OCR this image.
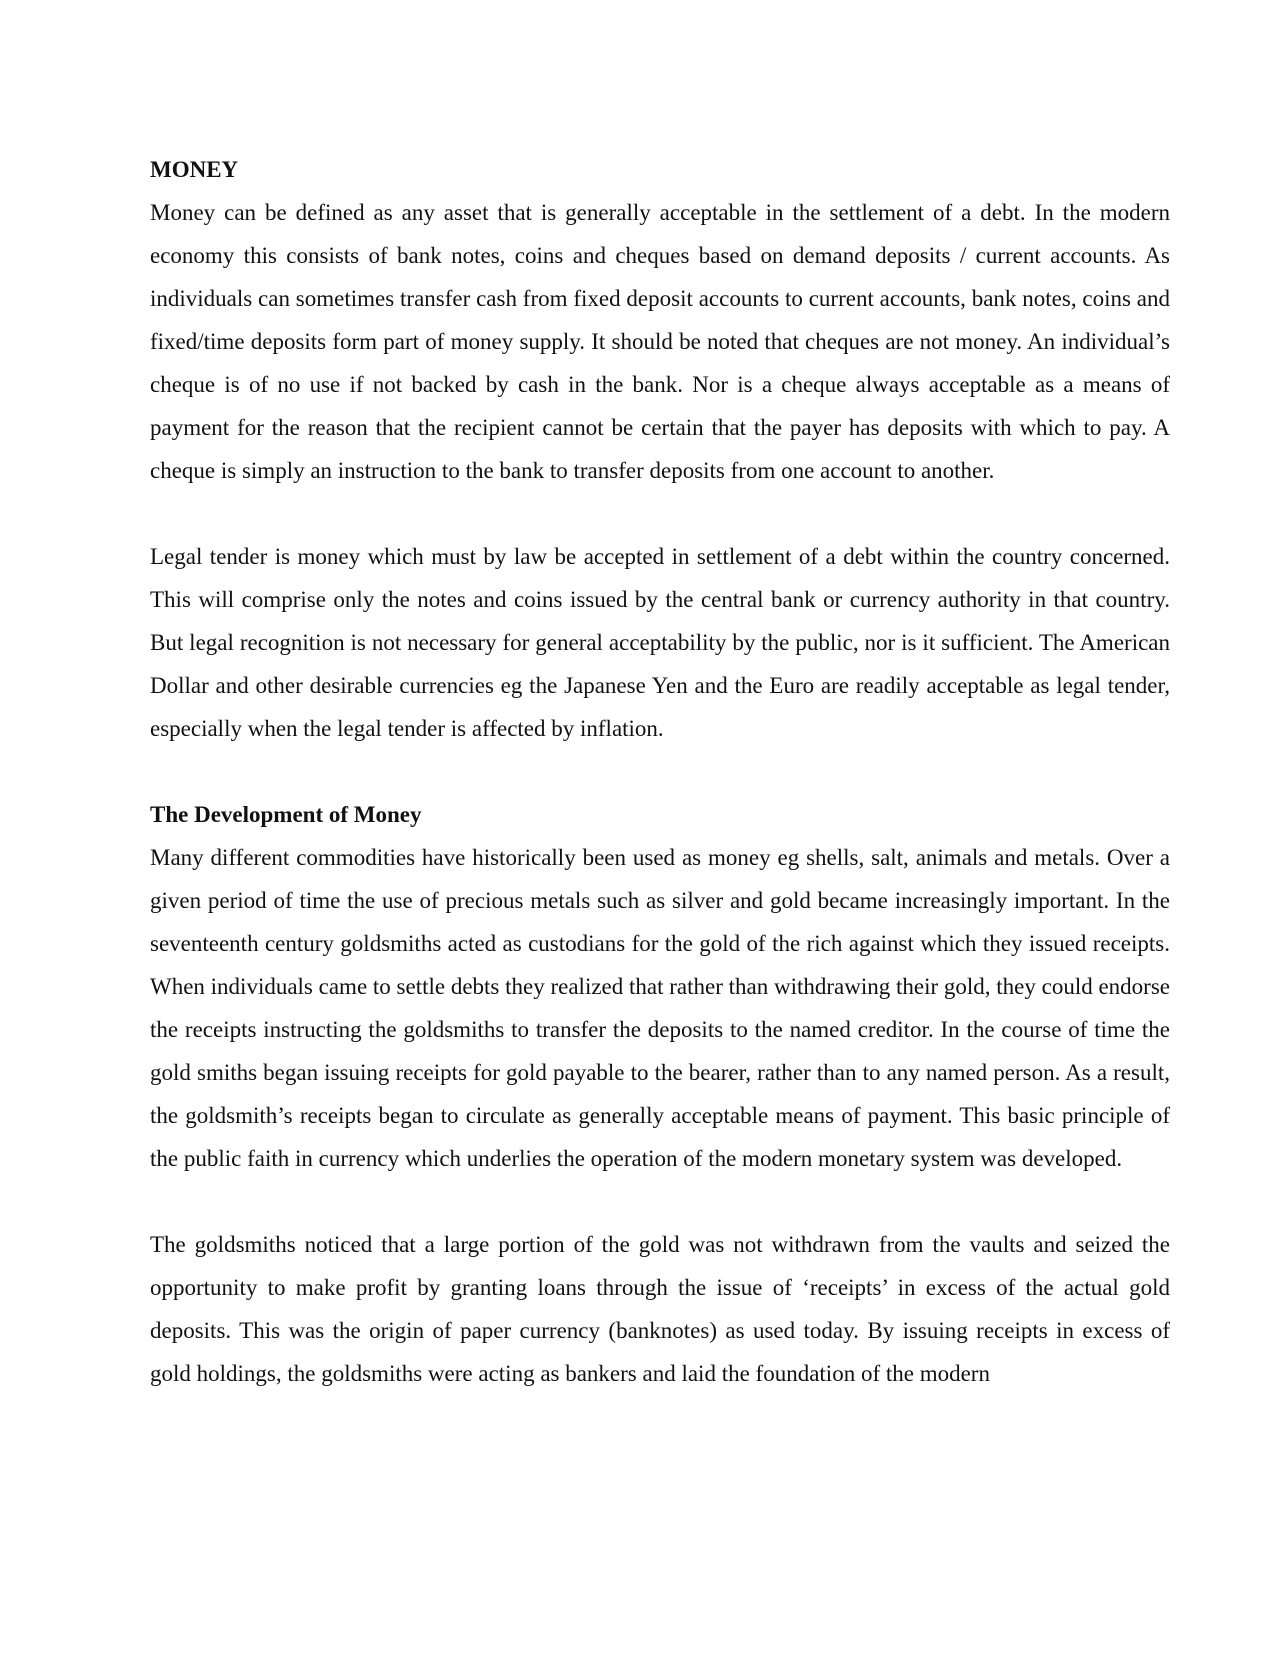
MONEY

Money can be defined as any asset that is generally acceptable in the settlement of a debt. In the modern economy this consists of bank notes, coins and cheques based on demand deposits / current accounts. As individuals can sometimes transfer cash from fixed deposit accounts to current accounts, bank notes, coins and fixed/time deposits form part of money supply. It should be noted that cheques are not money. An individual’s cheque is of no use if not backed by cash in the bank. Nor is a cheque always acceptable as a means of payment for the reason that the recipient cannot be certain that the payer has deposits with which to pay. A cheque is simply an instruction to the bank to transfer deposits from one account to another.

Legal tender is money which must by law be accepted in settlement of a debt within the country concerned. This will comprise only the notes and coins issued by the central bank or currency authority in that country. But legal recognition is not necessary for general acceptability by the public, nor is it sufficient. The American Dollar and other desirable currencies eg the Japanese Yen and the Euro are readily acceptable as legal tender, especially when the legal tender is affected by inflation.

The Development of Money

Many different commodities have historically been used as money eg shells, salt, animals and metals. Over a given period of time the use of precious metals such as silver and gold became increasingly important. In the seventeenth century goldsmiths acted as custodians for the gold of the rich against which they issued receipts. When individuals came to settle debts they realized that rather than withdrawing their gold, they could endorse the receipts instructing the goldsmiths to transfer the deposits to the named creditor. In the course of time the gold smiths began issuing receipts for gold payable to the bearer, rather than to any named person. As a result, the goldsmith’s receipts began to circulate as generally acceptable means of payment. This basic principle of the public faith in currency which underlies the operation of the modern monetary system was developed.

The goldsmiths noticed that a large portion of the gold was not withdrawn from the vaults and seized the opportunity to make profit by granting loans through the issue of ‘receipts’ in excess of the actual gold deposits. This was the origin of paper currency (banknotes) as used today. By issuing receipts in excess of gold holdings, the goldsmiths were acting as bankers and laid the foundation of the modern
